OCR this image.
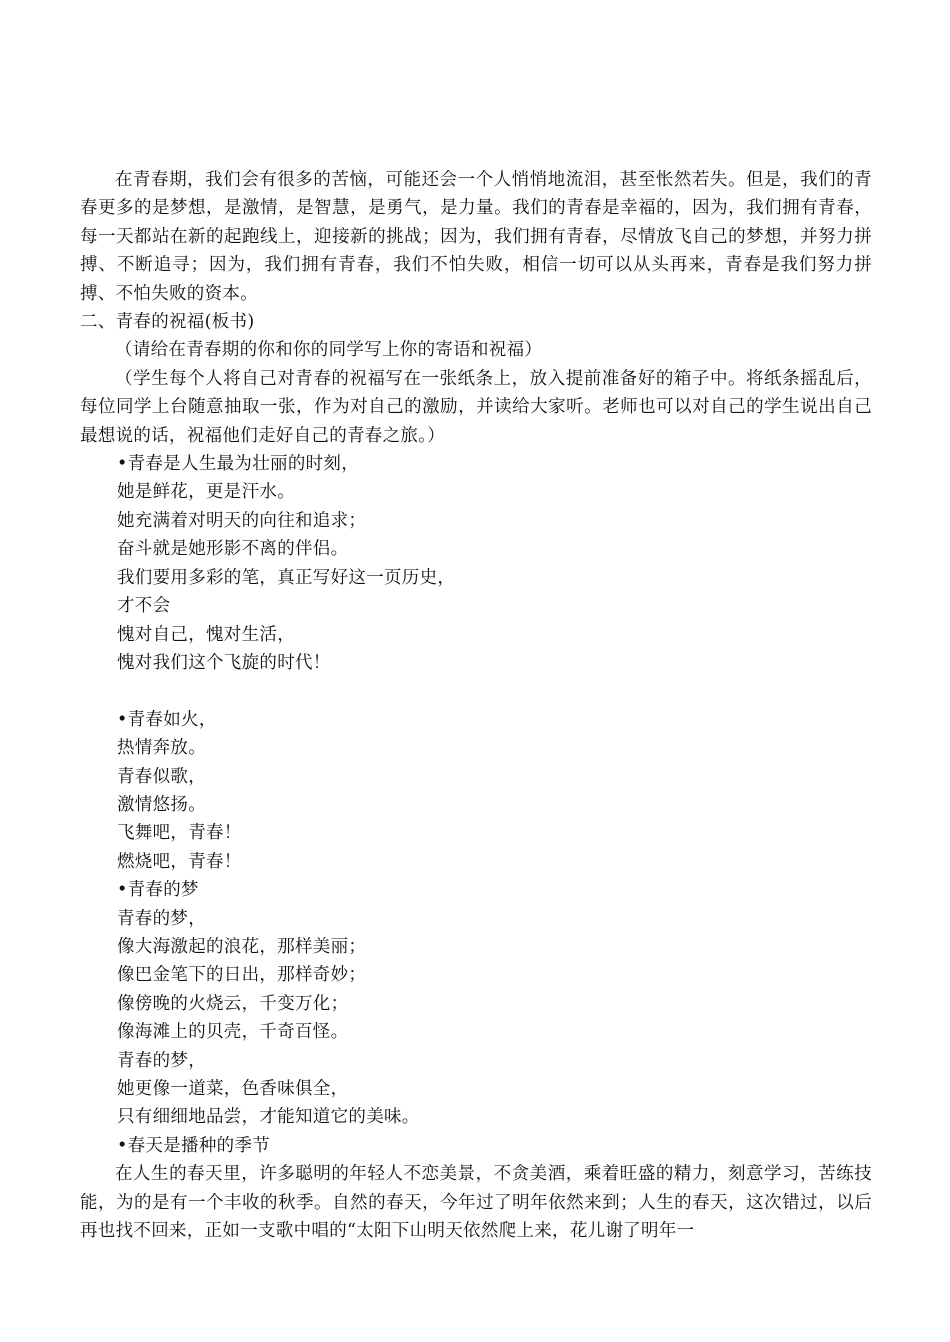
在青春期，我们会有很多的苦恼，可能还会一个人悄悄地流泪，甚至怅然若失。但是，我们的青春更多的是梦想，是激情，是智慧，是勇气，是力量。我们的青春是幸福的，因为，我们拥有青春，每一天都站在新的起跑线上，迎接新的挑战；因为，我们拥有青春，尽情放飞自己的梦想，并努力拼搏、不断追寻；因为，我们拥有青春，我们不怕失败，相信一切可以从头再来，青春是我们努力拼搏、不怕失败的资本。

二、青春的祝福(板书)

（请给在青春期的你和你的同学写上你的寄语和祝福）

（学生每个人将自己对青春的祝福写在一张纸条上，放入提前准备好的箱子中。将纸条摇乱后，每位同学上台随意抽取一张，作为对自己的激励，并读给大家听。老师也可以对自己的学生说出自己最想说的话，祝福他们走好自己的青春之旅。）

•青春是人生最为壮丽的时刻，

她是鲜花，更是汗水。

她充满着对明天的向往和追求；

奋斗就是她形影不离的伴侣。

我们要用多彩的笔，真正写好这一页历史，

才不会

愧对自己，愧对生活，

愧对我们这个飞旋的时代！

•青春如火，

热情奔放。

青春似歌，

激情悠扬。

飞舞吧，青春！

燃烧吧，青春！

•青春的梦

青春的梦，

像大海激起的浪花，那样美丽；

像巴金笔下的日出，那样奇妙；

像傍晚的火烧云，千变万化；

像海滩上的贝壳，千奇百怪。

青春的梦，

她更像一道菜，色香味俱全，

只有细细地品尝，才能知道它的美味。

•春天是播种的季节

在人生的春天里，许多聪明的年轻人不恋美景，不贪美酒，乘着旺盛的精力，刻意学习，苦练技能，为的是有一个丰收的秋季。自然的春天，今年过了明年依然来到；人生的春天，这次错过，以后再也找不回来，正如一支歌中唱的“太阳下山明天依然爬上来，花儿谢了明年一
